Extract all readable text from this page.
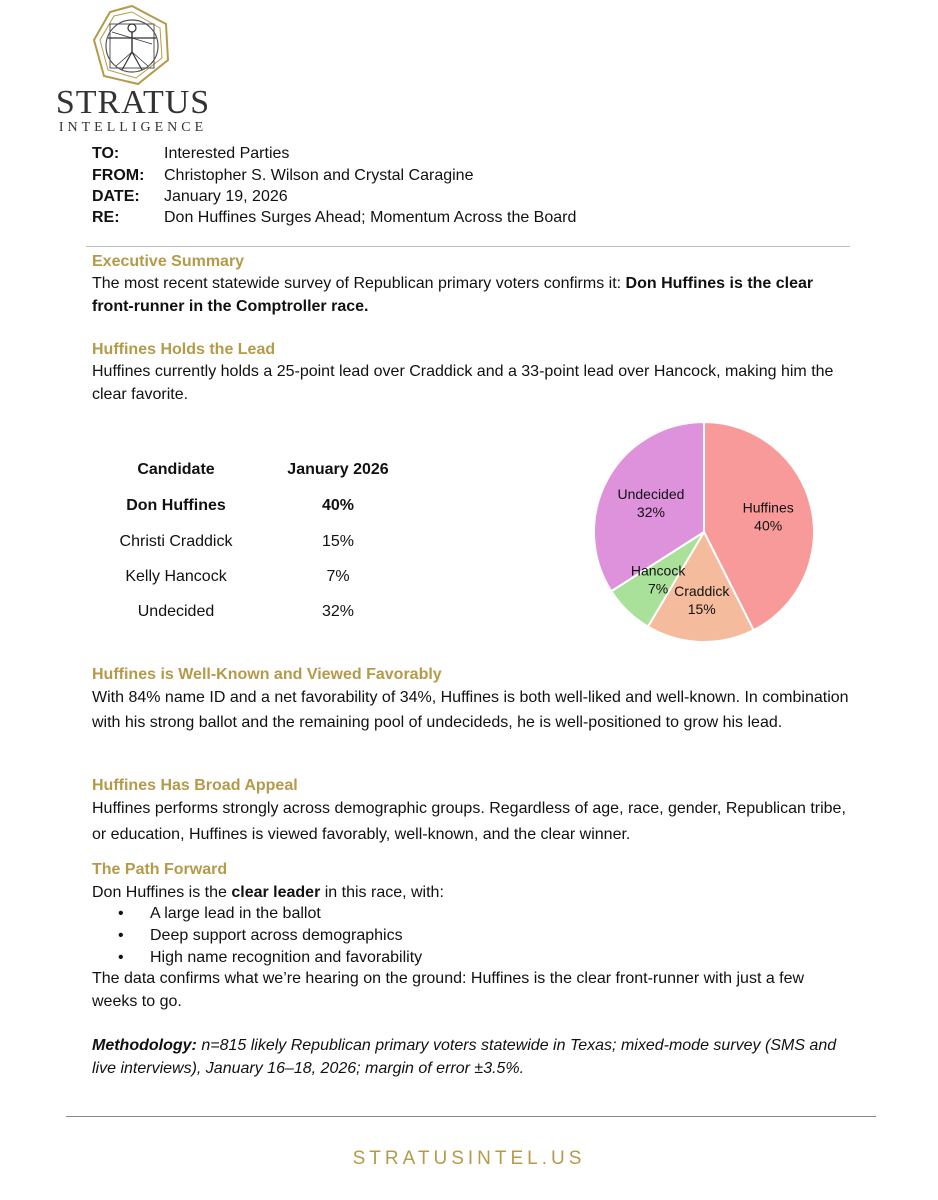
STRATUS
INTELLIGENCE
TO:	Interested Parties
FROM: Christopher S. Wilson and Crystal Caragine
DATE: January 19, 2026
RE:	Don Huffines Surges Ahead; Momentum Across the Board
Executive Summary
The most recent statewide survey of Republican primary voters confirms it: Don Huffines is the clear front-runner in the Comptroller race.
Huffines Holds the Lead
Huffines currently holds a 25-point lead over Craddick and a 33-point lead over Hancock, making him the clear favorite.
Candidate	January 2026
Don Huffines	40%
Christi Craddick	15%
Kelly Hancock	7%
Undecided	32%
Huffines 40%
Craddick 15%
Hancock 7%
Undecided 32%
Huffines is Well-Known and Viewed Favorably
With 84% name ID and a net favorability of 34%, Huffines is both well-liked and well-known. In combination with his strong ballot and the remaining pool of undecideds, he is well-positioned to grow his lead.
Huffines Has Broad Appeal
Huffines performs strongly across demographic groups. Regardless of age, race, gender, Republican tribe, or education, Huffines is viewed favorably, well-known, and the clear winner.
The Path Forward
Don Huffines is the clear leader in this race, with:
• A large lead in the ballot
• Deep support across demographics
• High name recognition and favorability
The data confirms what we’re hearing on the ground: Huffines is the clear front-runner with just a few weeks to go.
Methodology: n=815 likely Republican primary voters statewide in Texas; mixed-mode survey (SMS and live interviews), January 16–18, 2026; margin of error ±3.5%.
STRATUSINTEL.US
